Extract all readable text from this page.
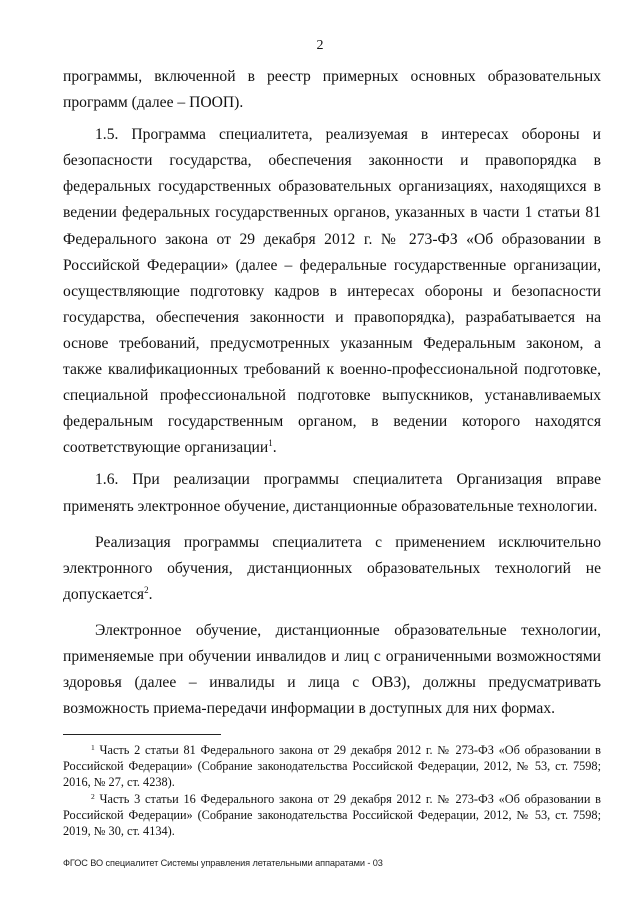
2

программы, включенной в реестр примерных основных образовательных программ (далее – ПООП).

1.5. Программа специалитета, реализуемая в интересах обороны и безопасности государства, обеспечения законности и правопорядка в федеральных государственных образовательных организациях, находящихся в ведении федеральных государственных органов, указанных в части 1 статьи 81 Федерального закона от 29 декабря 2012 г. № 273-ФЗ «Об образовании в Российской Федерации» (далее – федеральные государственные организации, осуществляющие подготовку кадров в интересах обороны и безопасности государства, обеспечения законности и правопорядка), разрабатывается на основе требований, предусмотренных указанным Федеральным законом, а также квалификационных требований к военно-профессиональной подготовке, специальной профессиональной подготовке выпускников, устанавливаемых федеральным государственным органом, в ведении которого находятся соответствующие организации$^1$.

1.6. При реализации программы специалитета Организация вправе применять электронное обучение, дистанционные образовательные технологии.

Реализация программы специалитета с применением исключительно электронного обучения, дистанционных образовательных технологий не допускается$^2$.

Электронное обучение, дистанционные образовательные технологии, применяемые при обучении инвалидов и лиц с ограниченными возможностями здоровья (далее – инвалиды и лица с ОВЗ), должны предусматривать возможность приема-передачи информации в доступных для них формах.

$^1$ Часть 2 статьи 81 Федерального закона от 29 декабря 2012 г. № 273-ФЗ «Об образовании в Российской Федерации» (Собрание законодательства Российской Федерации, 2012, № 53, ст. 7598; 2016, № 27, ст. 4238).

$^2$ Часть 3 статьи 16 Федерального закона от 29 декабря 2012 г. № 273-ФЗ «Об образовании в Российской Федерации» (Собрание законодательства Российской Федерации, 2012, № 53, ст. 7598; 2019, № 30, ст. 4134).

ФГОС ВО специалитет Системы управления летательными аппаратами - 03
